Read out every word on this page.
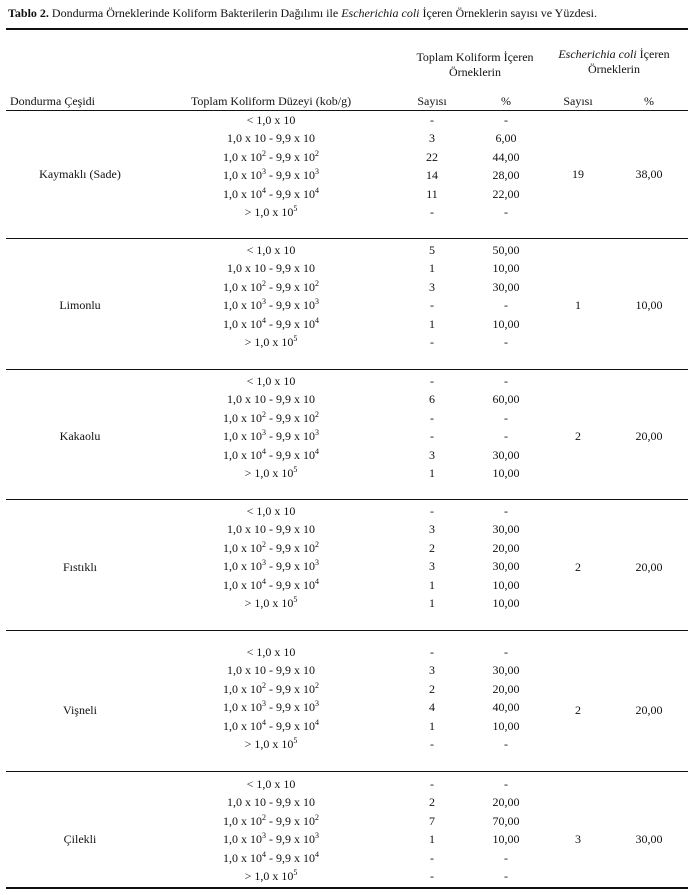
Tablo 2. Dondurma Örneklerinde Koliform Bakterilerin Dağılımı ile Escherichia coli İçeren Örneklerin sayısı ve Yüzdesi.
Toplam Koliform İçeren
Örneklerin
Escherichia coli İçeren
Örneklerin
Dondurma Çeşidi	Toplam Koliform Düzeyi (kob/g)	Sayısı	%	Sayısı	%
Kaymaklı (Sade)
< 1,0 x 10	-	-
1,0 x 10 - 9,9 x 10	3	6,00
1,0 x $10^2 - 9,9$ x $10^2$	22	44,00
1,0 x $10^3 - 9,9$ x $10^3$	14	28,00
1,0 x $10^4 - 9,9$ x $10^4$	11	22,00
> 1,0 x $10^5$	-	-
19	38,00
Limonlu
< 1,0 x 10	5	50,00
1,0 x 10 - 9,9 x 10	1	10,00
1,0 x $10^2 - 9,9$ x $10^2$	3	30,00
1,0 x $10^3 - 9,9$ x $10^3$	-	-
1,0 x $10^4 - 9,9$ x $10^4$	1	10,00
> 1,0 x $10^5$	-	-
1	10,00
Kakaolu
< 1,0 x 10	-	-
1,0 x 10 - 9,9 x 10	6	60,00
1,0 x $10^2 - 9,9$ x $10^2$	-	-
1,0 x $10^3 - 9,9$ x $10^3$	-	-
1,0 x $10^4 - 9,9$ x $10^4$	3	30,00
> 1,0 x $10^5$	1	10,00
2	20,00
Fıstıklı
< 1,0 x 10	-	-
1,0 x 10 - 9,9 x 10	3	30,00
1,0 x $10^2 - 9,9$ x $10^2$	2	20,00
1,0 x $10^3 - 9,9$ x $10^3$	3	30,00
1,0 x $10^4 - 9,9$ x $10^4$	1	10,00
> 1,0 x $10^5$	1	10,00
2	20,00
Vişneli
< 1,0 x 10	-	-
1,0 x 10 - 9,9 x 10	3	30,00
1,0 x $10^2 - 9,9$ x $10^2$	2	20,00
1,0 x $10^3 - 9,9$ x $10^3$	4	40,00
1,0 x $10^4 - 9,9$ x $10^4$	1	10,00
> 1,0 x $10^5$	-	-
2	20,00
Çilekli
< 1,0 x 10	-	-
1,0 x 10 - 9,9 x 10	2	20,00
1,0 x $10^2 - 9,9$ x $10^2$	7	70,00
1,0 x $10^3 - 9,9$ x $10^3$	1	10,00
1,0 x $10^4 - 9,9$ x $10^4$	-	-
> 1,0 x $10^5$	-	-
3	30,00
